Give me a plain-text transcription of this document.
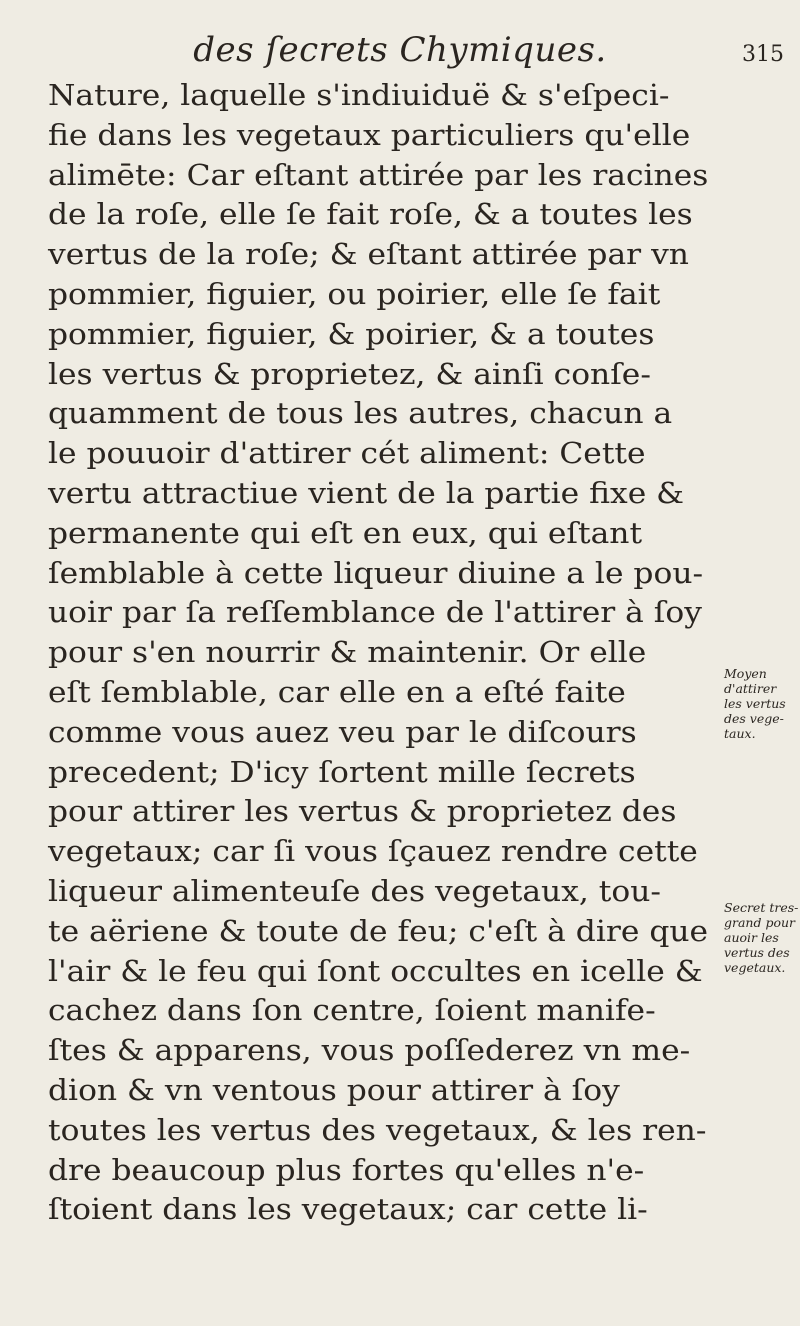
des ſecrets Chymiques.	315
Nature, laquelle s'indiuiduë & s'eſpeci-
fie dans les vegetaux particuliers qu'elle
alimēte: Car eſtant attirée par les racines
de la roſe, elle ſe fait roſe, & a toutes les
vertus de la roſe; & eſtant attirée par vn
pommier, figuier, ou poirier, elle ſe fait
pommier, figuier, & poirier, & a toutes
les vertus & proprietez, & ainſi conſe-
quamment de tous les autres, chacun a
le pouuoir d'attirer cét aliment: Cette
vertu attractiue vient de la partie fixe &
permanente qui eſt en eux, qui eſtant
ſemblable à cette liqueur diuine a le pou-
uoir par ſa reſſemblance de l'attirer à ſoy
pour s'en nourrir & maintenir. Or elle
eſt ſemblable, car elle en a eſté faite
comme vous auez veu par le diſcours
precedent; D'icy ſortent mille ſecrets
pour attirer les vertus & proprietez des
vegetaux; car ſi vous ſçauez rendre cette
liqueur alimenteuſe des vegetaux, tou-
te aëriene & toute de feu; c'eſt à dire que
l'air & le feu qui ſont occultes en icelle &
cachez dans ſon centre, ſoient manife-
ſtes & apparens, vous poſſederez vn me-
dion & vn ventous pour attirer à ſoy
toutes les vertus des vegetaux, & les ren-
dre beaucoup plus fortes qu'elles n'e-
ſtoient dans les vegetaux; car cette li-
Moyen
d'attirer
les vertus
des vege-
taux.
Secret tres-
grand pour
auoir les
vertus des
vegetaux.
